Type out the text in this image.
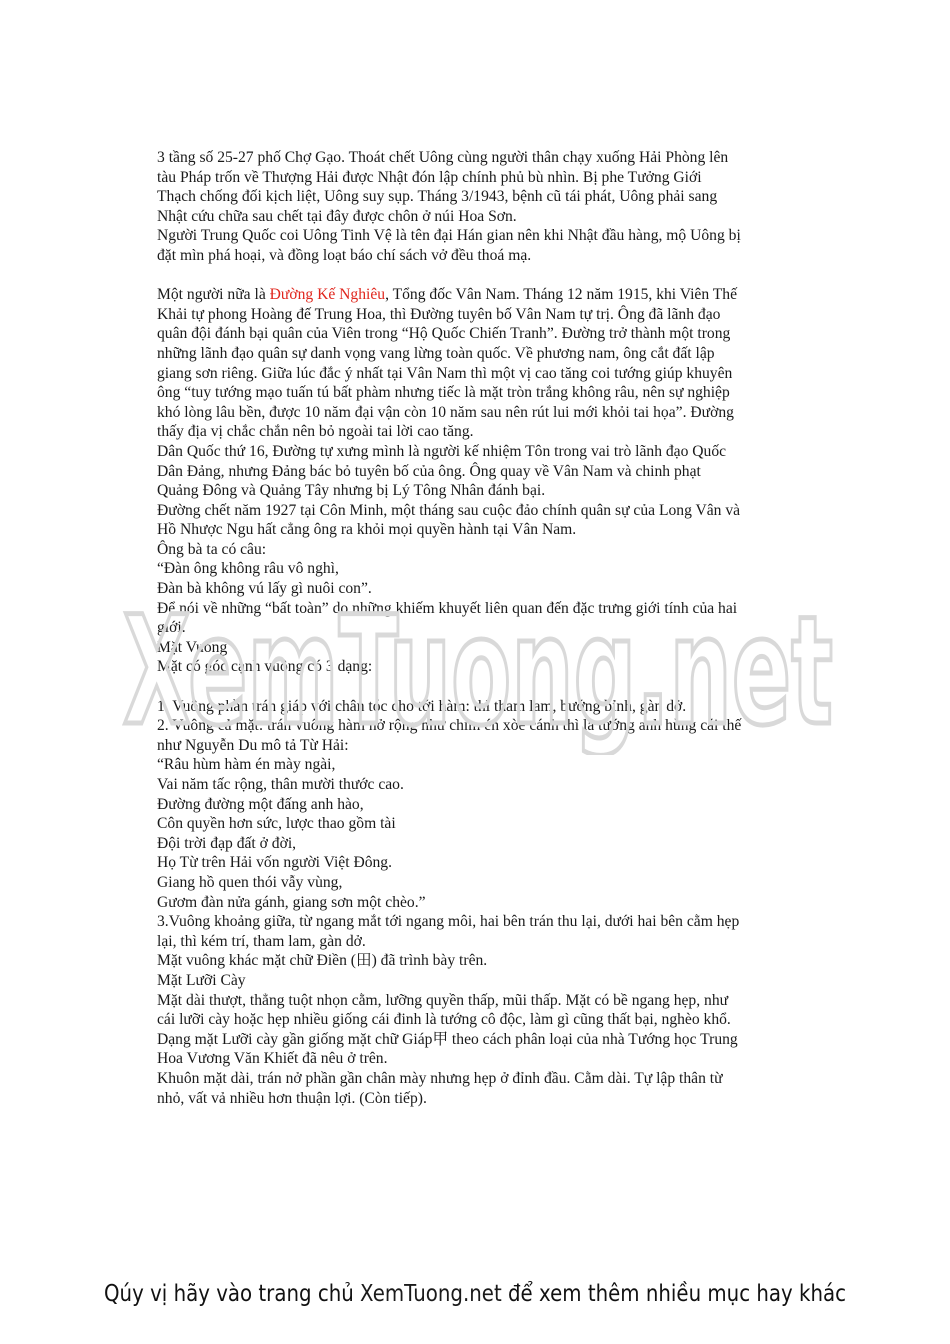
3 tầng số 25-27 phố Chợ Gạo. Thoát chết Uông cùng người thân chạy xuống Hải Phòng lên
tàu Pháp trốn về Thượng Hải được Nhật đón lập chính phủ bù nhìn. Bị phe Tưởng Giới
Thạch chống đối kịch liệt, Uông suy sụp. Tháng 3/1943, bệnh cũ tái phát, Uông phải sang
Nhật cứu chữa sau chết tại đây được chôn ở núi Hoa Sơn.
Người Trung Quốc coi Uông Tinh Vệ là tên đại Hán gian nên khi Nhật đầu hàng, mộ Uông bị
đặt mìn phá hoại, và đồng loạt báo chí sách vở đều thoá mạ.
Một người nữa là Đường Kế Nghiêu, Tổng đốc Vân Nam. Tháng 12 năm 1915, khi Viên Thế
Khải tự phong Hoàng đế Trung Hoa, thì Đường tuyên bố Vân Nam tự trị. Ông đã lãnh đạo
quân đội đánh bại quân của Viên trong “Hộ Quốc Chiến Tranh”. Đường trở thành một trong
những lãnh đạo quân sự danh vọng vang lừng toàn quốc. Về phương nam, ông cắt đất lập
giang sơn riêng. Giữa lúc đắc ý nhất tại Vân Nam thì một vị cao tăng coi tướng giúp khuyên
ông “tuy tướng mạo tuấn tú bất phàm nhưng tiếc là mặt tròn trắng không râu, nên sự nghiệp
khó lòng lâu bền, được 10 năm đại vận còn 10 năm sau nên rút lui mới khỏi tai họa”. Đường
thấy địa vị chắc chắn nên bỏ ngoài tai lời cao tăng.
Dân Quốc thứ 16, Đường tự xưng mình là người kế nhiệm Tôn trong vai trò lãnh đạo Quốc
Dân Đảng, nhưng Đảng bác bỏ tuyên bố của ông. Ông quay về Vân Nam và chinh phạt
Quảng Đông và Quảng Tây nhưng bị Lý Tông Nhân đánh bại.
Đường chết năm 1927 tại Côn Minh, một tháng sau cuộc đảo chính quân sự của Long Vân và
Hồ Nhược Ngu hất cẳng ông ra khỏi mọi quyền hành tại Vân Nam.
Ông bà ta có câu:
“Đàn ông không râu vô nghì,
Đàn bà không vú lấy gì nuôi con”.
Để nói về những “bất toàn” do những khiếm khuyết liên quan đến đặc trưng giới tính của hai
giới.
Mặt Vuông
Mặt có góc cạnh vuông có 3 dạng:
1. Vuông phần trán giáp với chân tóc cho tới hàm: thì tham lam, bướng bỉnh, gàn dở.
2. Vuông cả mặt: trán vuông hàm nở rộng như chim én xòe cánh thì là tướng anh hùng cái thế
như Nguyễn Du mô tả Từ Hải:
“Râu hùm hàm én mày ngài,
Vai năm tấc rộng, thân mười thước cao.
Đường đường một đấng anh hào,
Côn quyền hơn sức, lược thao gồm tài
Đội trời đạp đất ở đời,
Họ Từ trên Hải vốn người Việt Đông.
Giang hồ quen thói vẫy vùng,
Gươm đàn nửa gánh, giang sơn một chèo.”
3.Vuông khoảng giữa, từ ngang mắt tới ngang môi, hai bên trán thu lại, dưới hai bên cằm hẹp
lại, thì kém trí, tham lam, gàn dở.
Mặt vuông khác mặt chữ Điền (田) đã trình bày trên.
Mặt Lưỡi Cày
Mặt dài thượt, thẳng tuột nhọn cằm, lưỡng quyền thấp, mũi thấp. Mặt có bề ngang hẹp, như
cái lưỡi cày hoặc hẹp nhiều giống cái đinh là tướng cô độc, làm gì cũng thất bại, nghèo khổ.
Dạng mặt Lưỡi cày gần giống mặt chữ Giáp甲 theo cách phân loại của nhà Tướng học Trung
Hoa Vương Văn Khiết đã nêu ở trên.
Khuôn mặt dài, trán nở phần gần chân mày nhưng hẹp ở đỉnh đầu. Cằm dài. Tự lập thân từ
nhỏ, vất vả nhiều hơn thuận lợi. (Còn tiếp).
XemTuong.net
Qúy vị hãy vào trang chủ XemTuong.net để xem thêm nhiều mục hay khác
